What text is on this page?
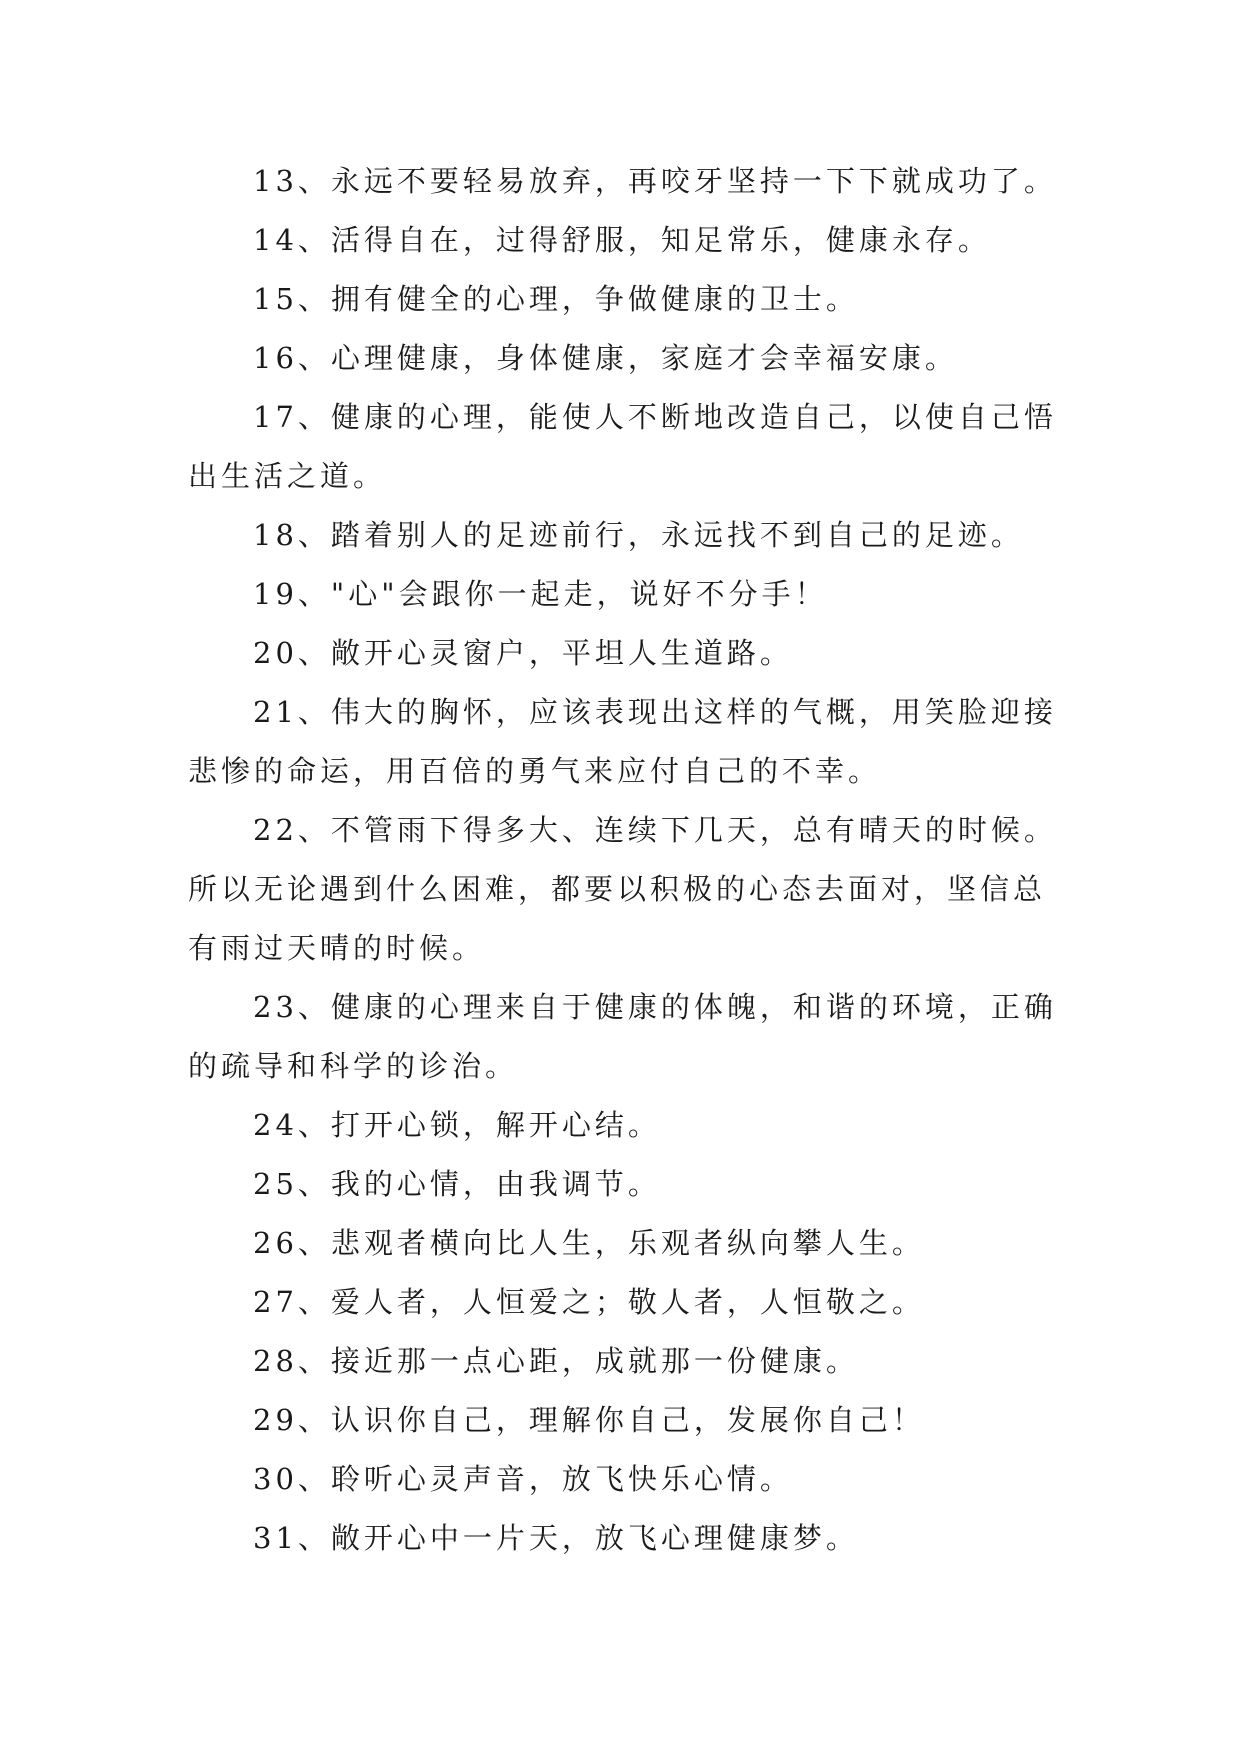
13、永远不要轻易放弃，再咬牙坚持一下下就成功了。

14、活得自在，过得舒服，知足常乐，健康永存。

15、拥有健全的心理，争做健康的卫士。

16、心理健康，身体健康，家庭才会幸福安康。

17、健康的心理，能使人不断地改造自己，以使自己悟出生活之道。

18、踏着别人的足迹前行，永远找不到自己的足迹。

19、"心"会跟你一起走，说好不分手！

20、敞开心灵窗户，平坦人生道路。

21、伟大的胸怀，应该表现出这样的气概，用笑脸迎接悲惨的命运，用百倍的勇气来应付自己的不幸。

22、不管雨下得多大、连续下几天，总有晴天的时候。所以无论遇到什么困难，都要以积极的心态去面对，坚信总有雨过天晴的时候。

23、健康的心理来自于健康的体魄，和谐的环境，正确的疏导和科学的诊治。

24、打开心锁，解开心结。

25、我的心情，由我调节。

26、悲观者横向比人生，乐观者纵向攀人生。

27、爱人者，人恒爱之；敬人者，人恒敬之。

28、接近那一点心距，成就那一份健康。

29、认识你自己，理解你自己，发展你自己！

30、聆听心灵声音，放飞快乐心情。

31、敞开心中一片天，放飞心理健康梦。
